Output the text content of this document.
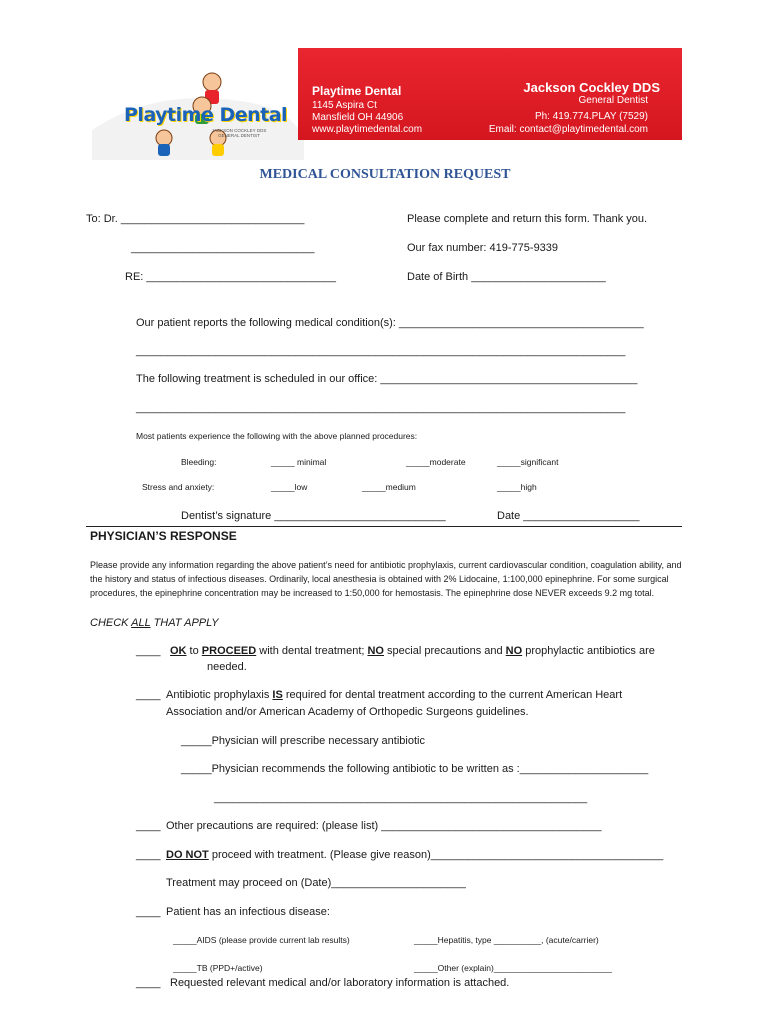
Playtime Dental
JACKSON COCKLEY DDS GENERAL DENTIST
Playtime Dental
1145 Aspira Ct
Mansfield OH 44906
www.playtimedental.com
Jackson Cockley DDS
General Dentist
Ph: 419.774.PLAY (7529)
Email: contact@playtimedental.com
MEDICAL CONSULTATION REQUEST
To: Dr. ______________________________
______________________________
RE: _______________________________
Please complete and return this form. Thank you.
Our fax number: 419-775-9339
Date of Birth ______________________
Our patient reports the following medical condition(s): ________________________________________
________________________________________________________________________________
The following treatment is scheduled in our office: __________________________________________
________________________________________________________________________________
Most patients experience the following with the above planned procedures:
Bleeding:	_____ minimal	_____moderate	_____significant
Stress and anxiety:	_____low	_____medium	_____high
Dentist’s signature ____________________________	Date ___________________
PHYSICIAN’S RESPONSE
Please provide any information regarding the above patient’s need for antibiotic prophylaxis, current cardiovascular condition, coagulation ability, and the history and status of infectious diseases. Ordinarily, local anesthesia is obtained with 2% Lidocaine, 1:100,000 epinephrine. For some surgical procedures, the epinephrine concentration may be increased to 1:50,000 for hemostasis. The epinephrine dose NEVER exceeds 9.2 mg total.
CHECK ALL THAT APPLY
____ OK to PROCEED with dental treatment; NO special precautions and NO prophylactic antibiotics are
needed.
____ Antibiotic prophylaxis IS required for dental treatment according to the current American Heart
Association and/or American Academy of Orthopedic Surgeons guidelines.
_____Physician will prescribe necessary antibiotic
_____Physician recommends the following antibiotic to be written as :_____________________
_____________________________________________________________
____ Other precautions are required: (please list) ____________________________________
____ DO NOT proceed with treatment. (Please give reason)______________________________________
Treatment may proceed on (Date)______________________
____ Patient has an infectious disease:
_____AIDS (please provide current lab results)	_____Hepatitis, type __________, (acute/carrier)
_____TB (PPD+/active)	_____Other (explain)_________________________
____ Requested relevant medical and/or laboratory information is attached.
